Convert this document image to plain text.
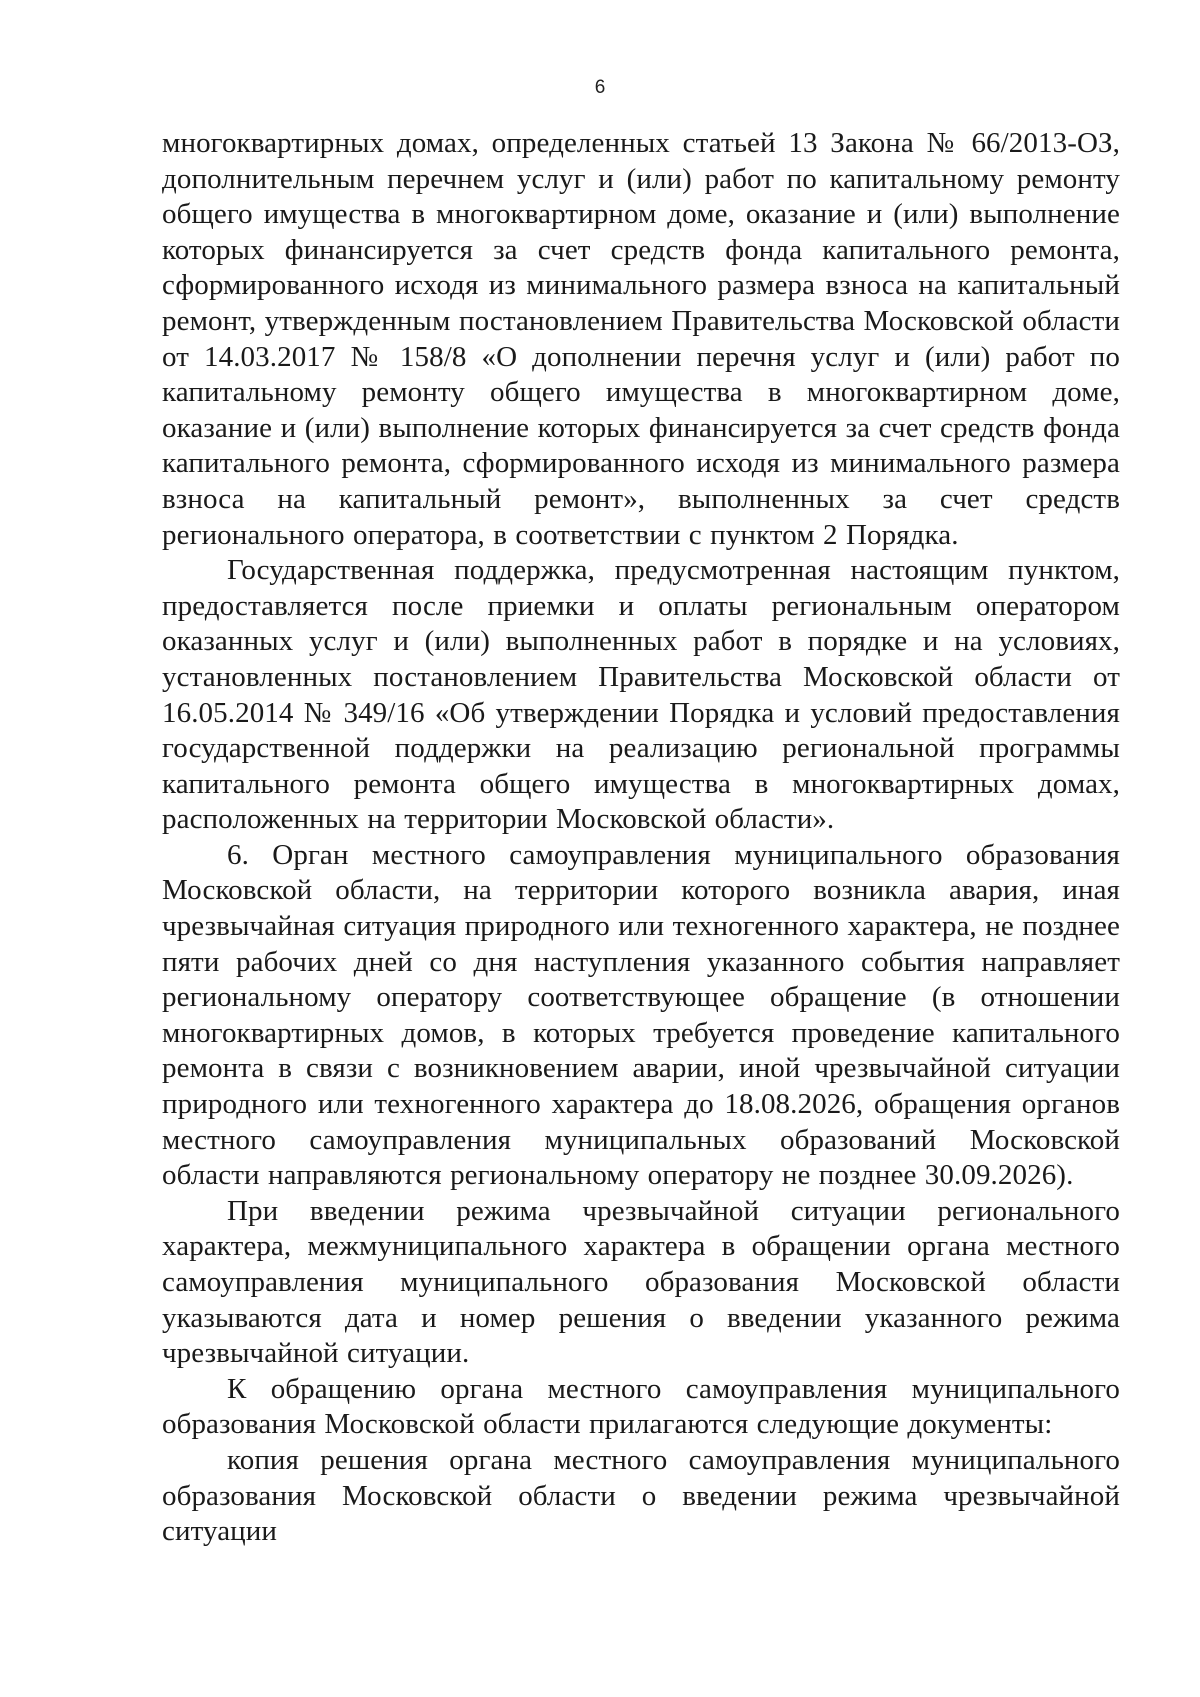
6

многоквартирных домах, определенных статьей 13 Закона № 66/2013-ОЗ, дополнительным перечнем услуг и (или) работ по капитальному ремонту общего имущества в многоквартирном доме, оказание и (или) выполнение которых финансируется за счет средств фонда капитального ремонта, сформированного исходя из минимального размера взноса на капитальный ремонт, утвержденным постановлением Правительства Московской области от 14.03.2017 № 158/8 «О дополнении перечня услуг и (или) работ по капитальному ремонту общего имущества в многоквартирном доме, оказание и (или) выполнение которых финансируется за счет средств фонда капитального ремонта, сформированного исходя из минимального размера взноса на капитальный ремонт», выполненных за счет средств регионального оператора, в соответствии с пунктом 2 Порядка.

Государственная поддержка, предусмотренная настоящим пунктом, предоставляется после приемки и оплаты региональным оператором оказанных услуг и (или) выполненных работ в порядке и на условиях, установленных постановлением Правительства Московской области от 16.05.2014 № 349/16 «Об утверждении Порядка и условий предоставления государственной поддержки на реализацию региональной программы капитального ремонта общего имущества в многоквартирных домах, расположенных на территории Московской области».

6. Орган местного самоуправления муниципального образования Московской области, на территории которого возникла авария, иная чрезвычайная ситуация природного или техногенного характера, не позднее пяти рабочих дней со дня наступления указанного события направляет региональному оператору соответствующее обращение (в отношении многоквартирных домов, в которых требуется проведение капитального ремонта в связи с возникновением аварии, иной чрезвычайной ситуации природного или техногенного характера до 18.08.2026, обращения органов местного самоуправления муниципальных образований Московской области направляются региональному оператору не позднее 30.09.2026).

При введении режима чрезвычайной ситуации регионального характера, межмуниципального характера в обращении органа местного самоуправления муниципального образования Московской области указываются дата и номер решения о введении указанного режима чрезвычайной ситуации.

К обращению органа местного самоуправления муниципального образования Московской области прилагаются следующие документы:

копия решения органа местного самоуправления муниципального образования Московской области о введении режима чрезвычайной ситуации
